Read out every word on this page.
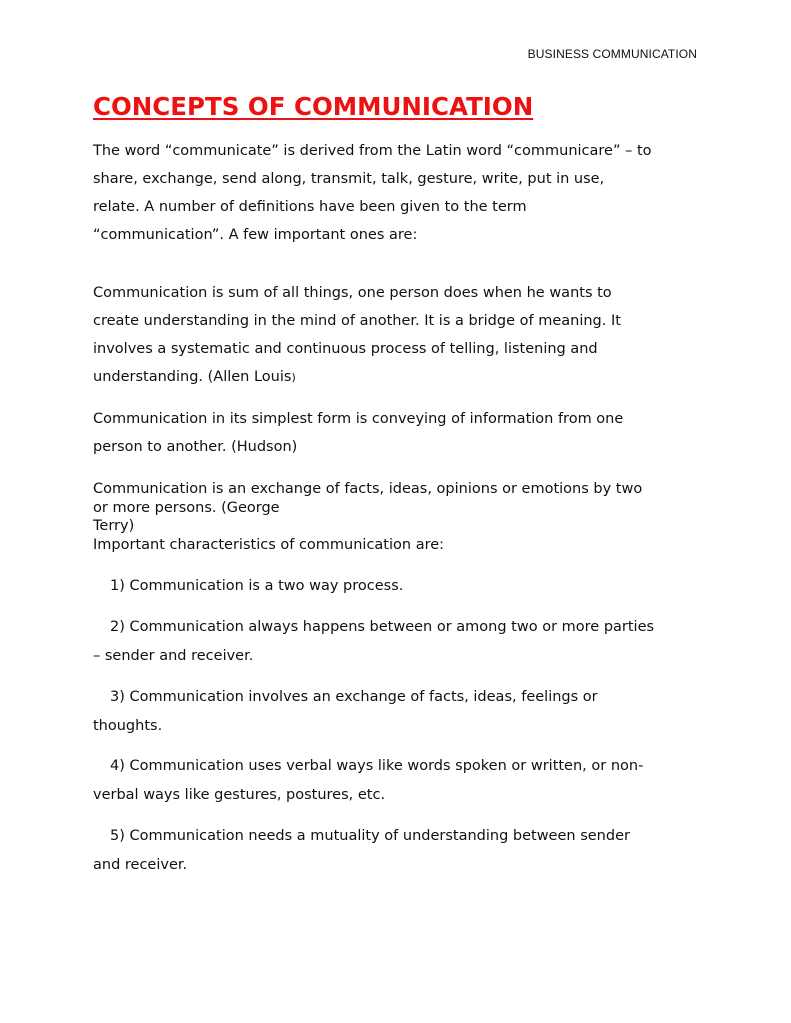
BUSINESS COMMUNICATION
CONCEPTS OF COMMUNICATION
The word “communicate” is derived from the Latin word “communicare” – to
share, exchange, send along, transmit, talk, gesture, write, put in use,
relate. A number of definitions have been given to the term
“communication”. A few important ones are:
Communication is sum of all things, one person does when he wants to
create understanding in the mind of another. It is a bridge of meaning. It
involves a systematic and continuous process of telling, listening and
understanding. (Allen Louis)
Communication in its simplest form is conveying of information from one
person to another. (Hudson)
Communication is an exchange of facts, ideas, opinions or emotions by two
or more persons. (George
Terry)
Important characteristics of communication are:
1) Communication is a two way process.
2) Communication always happens between or among two or more parties
– sender and receiver.
3) Communication involves an exchange of facts, ideas, feelings or
thoughts.
4) Communication uses verbal ways like words spoken or written, or non-
verbal ways like gestures, postures, etc.
5) Communication needs a mutuality of understanding between sender
and receiver.
